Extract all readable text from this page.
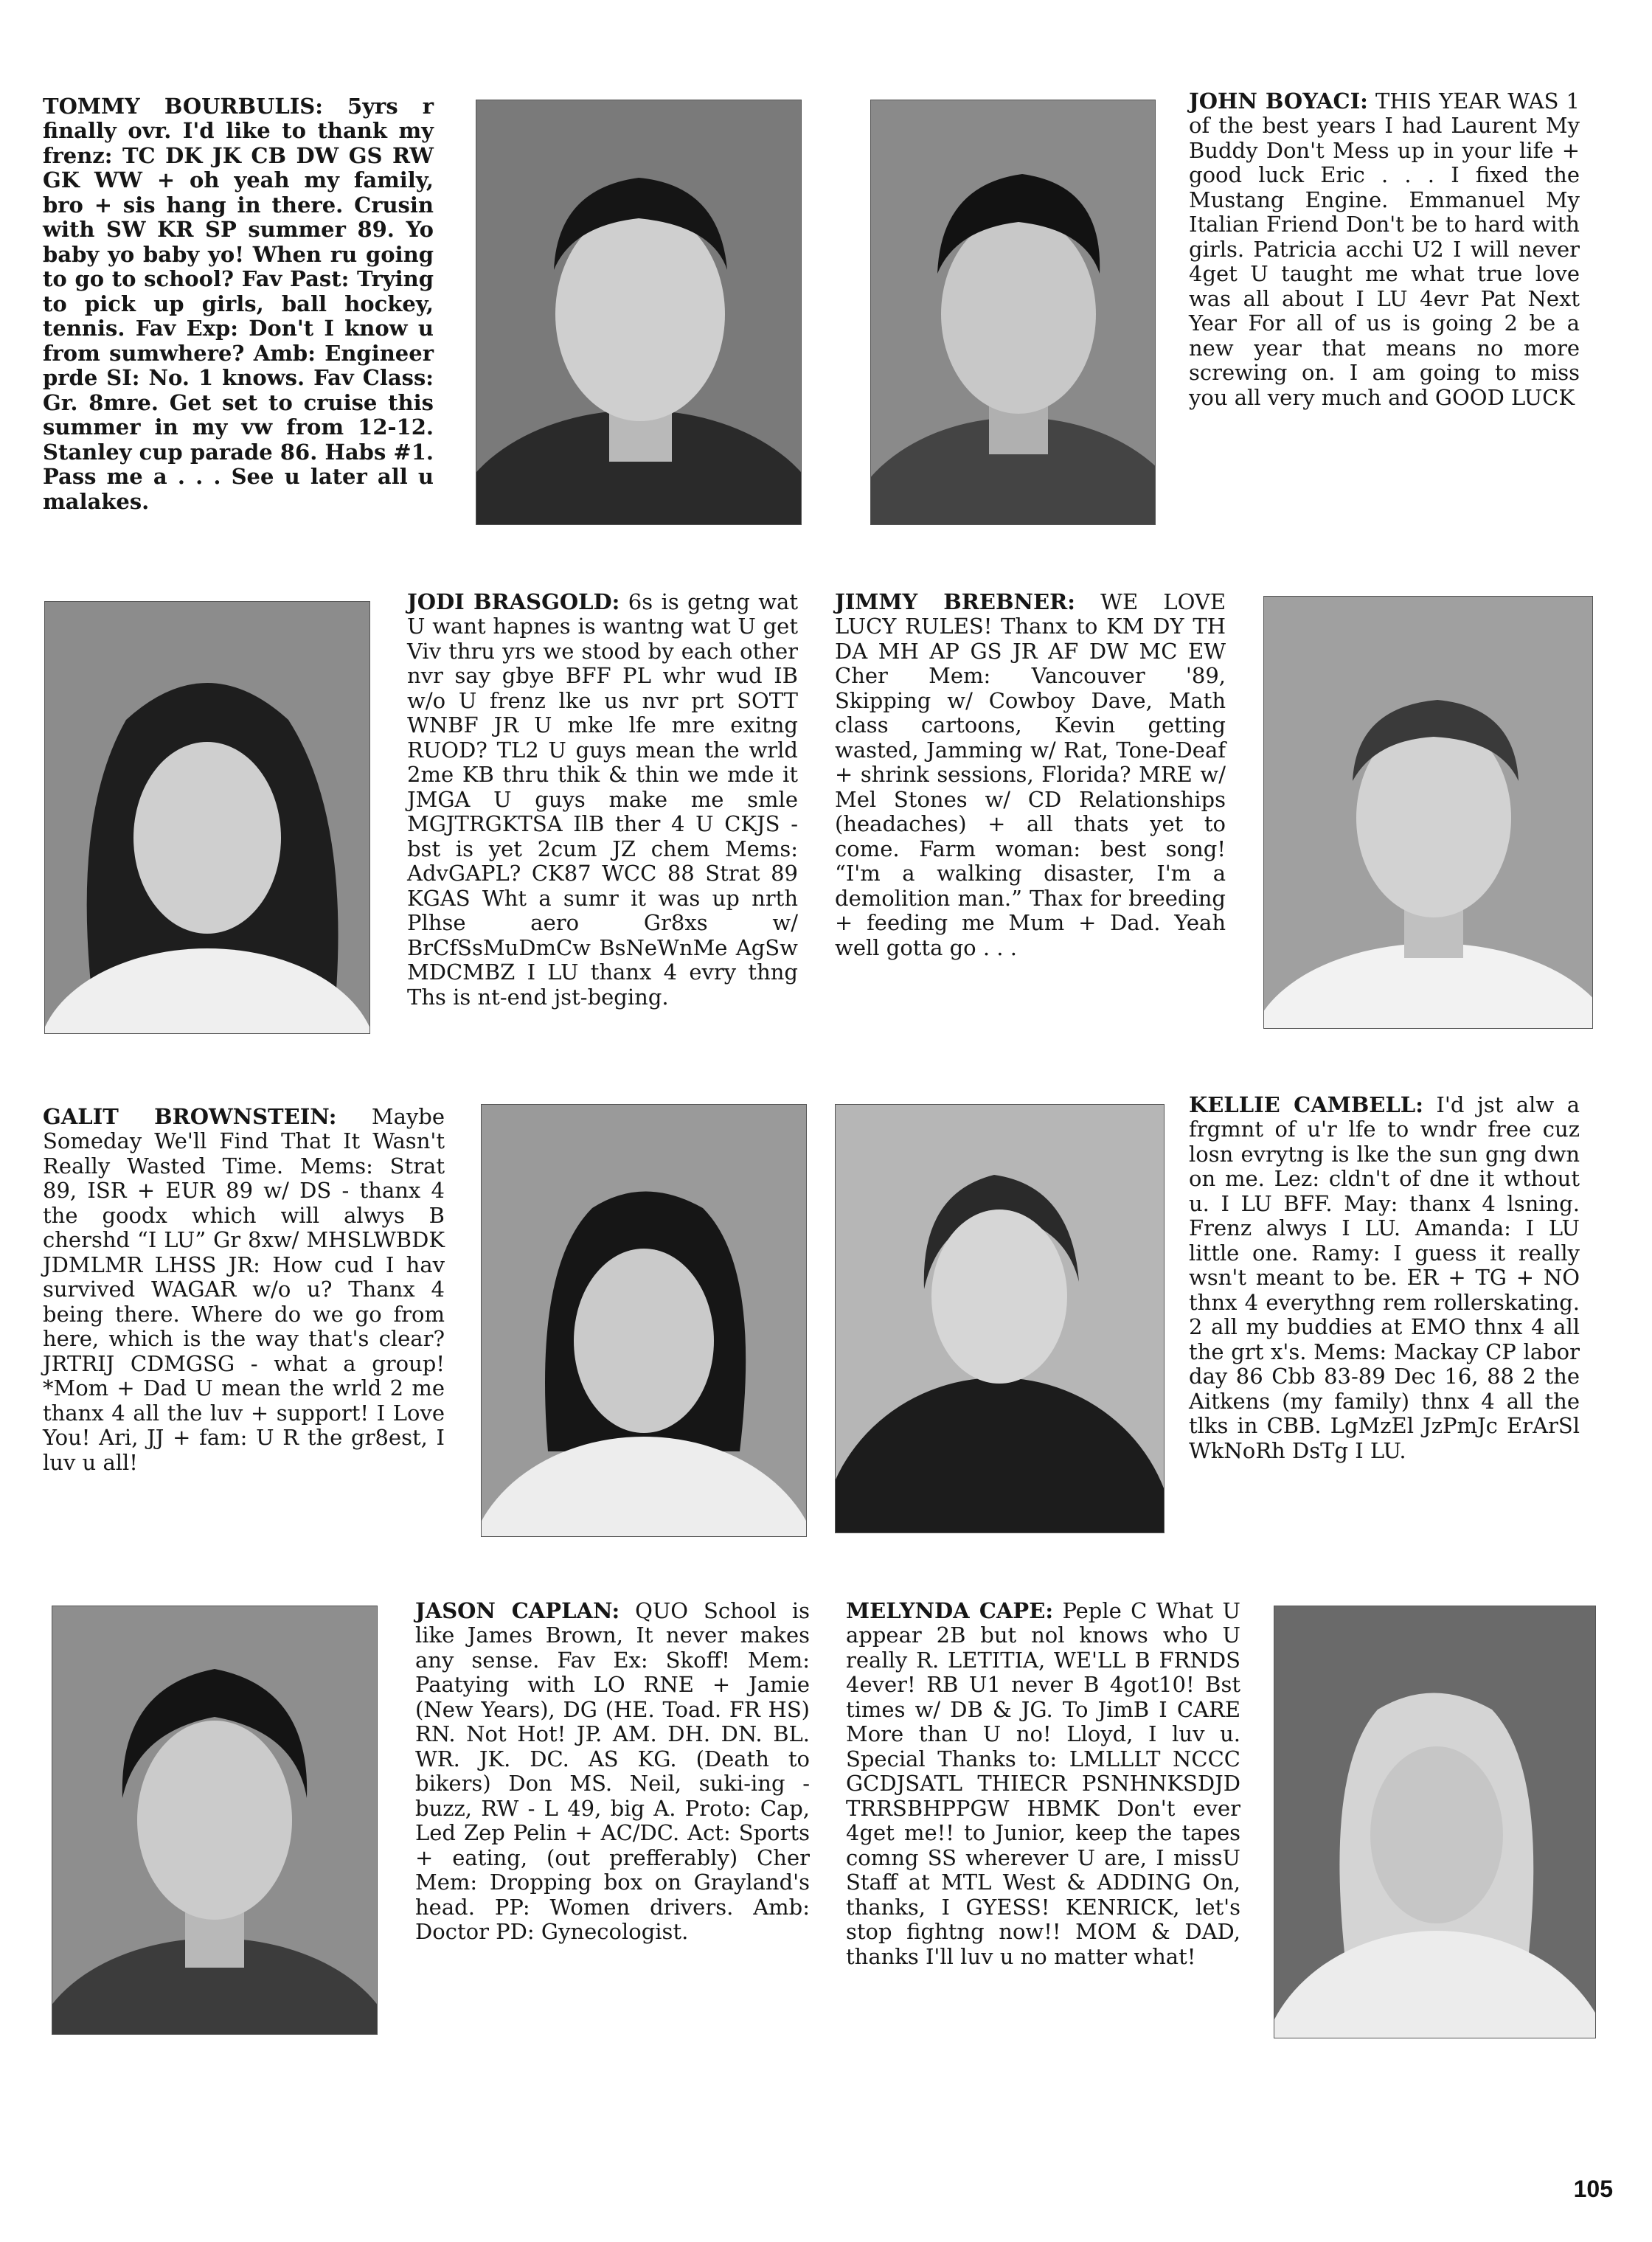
TOMMY BOURBULIS: 5yrs r finally ovr. I'd like to thank my frenz: TC DK JK CB DW GS RW GK WW + oh yeah my family, bro + sis hang in there. Crusin with SW KR SP summer 89. Yo baby yo baby yo! When ru going to go to school? Fav Past: Trying to pick up girls, ball hockey, tennis. Fav Exp: Don't I know u from sumwhere? Amb: Engineer prde SI: No. 1 knows. Fav Class: Gr. 8mre. Get set to cruise this summer in my vw from 12-12. Stanley cup parade 86. Habs #1. Pass me a . . . See u later all u malakes.

JOHN BOYACI: THIS YEAR WAS 1 of the best years I had Laurent My Buddy Don't Mess up in your life + good luck Eric . . . I fixed the Mustang Engine. Emmanuel My Italian Friend Don't be to hard with girls. Patricia acchi U2 I will never 4get U taught me what true love was all about I LU 4evr Pat Next Year For all of us is going 2 be a new year that means no more screwing on. I am going to miss you all very much and GOOD LUCK

JODI BRASGOLD: 6s is getng wat U want hapnes is wantng wat U get Viv thru yrs we stood by each other nvr say gbye BFF PL whr wud IB w/o U frenz lke us nvr prt SOTT WNBF JR U mke lfe mre exitng RUOD? TL2 U guys mean the wrld 2me KB thru thik & thin we mde it JMGA U guys make me smle MGJTRGKTSA IlB ther 4 U CKJS - bst is yet 2cum JZ chem Mems: AdvGAPL? CK87 WCC 88 Strat 89 KGAS Wht a sumr it was up nrth Plhse aero Gr8xs w/ BrCfSsMuDmCw BsNeWnMe AgSw MDCMBZ I LU thanx 4 evry thng Ths is nt-end jst-beging.

JIMMY BREBNER: WE LOVE LUCY RULES! Thanx to KM DY TH DA MH AP GS JR AF DW MC EW Cher Mem: Vancouver '89, Skipping w/ Cowboy Dave, Math class cartoons, Kevin getting wasted, Jamming w/ Rat, Tone-Deaf + shrink sessions, Florida? MRE w/ Mel Stones w/ CD Relationships (headaches) + all thats yet to come. Farm woman: best song! “I'm a walking disaster, I'm a demolition man.” Thax for breeding + feeding me Mum + Dad. Yeah well gotta go . . .

GALIT BROWNSTEIN: Maybe Someday We'll Find That It Wasn't Really Wasted Time. Mems: Strat 89, ISR + EUR 89 w/ DS - thanx 4 the goodx which will alwys B chershd “I LU” Gr 8xw/ MHSLWBDK JDMLMR LHSS JR: How cud I hav survived WAGAR w/o u? Thanx 4 being there. Where do we go from here, which is the way that's clear? JRTRIJ CDMGSG - what a group! *Mom + Dad U mean the wrld 2 me thanx 4 all the luv + support! I Love You! Ari, JJ + fam: U R the gr8est, I luv u all!

KELLIE CAMBELL: I'd jst alw a frgmnt of u'r lfe to wndr free cuz losn evrytng is lke the sun gng dwn on me. Lez: cldn't of dne it wthout u. I LU BFF. May: thanx 4 lsning. Frenz alwys I LU. Amanda: I LU little one. Ramy: I guess it really wsn't meant to be. ER + TG + NO thnx 4 everythng rem rollerskating. 2 all my buddies at EMO thnx 4 all the grt x's. Mems: Mackay CP labor day 86 Cbb 83-89 Dec 16, 88 2 the Aitkens (my family) thnx 4 all the tlks in CBB. LgMzEl JzPmJc ErArSl WkNoRh DsTg I LU.

JASON CAPLAN: QUO School is like James Brown, It never makes any sense. Fav Ex: Skoff! Mem: Paatying with LO RNE + Jamie (New Years), DG (HE. Toad. FR HS) RN. Not Hot! JP. AM. DH. DN. BL. WR. JK. DC. AS KG. (Death to bikers) Don MS. Neil, suki-ing - buzz, RW - L 49, big A. Proto: Cap, Led Zep Pelin + AC/DC. Act: Sports + eating, (out prefferably) Cher Mem: Dropping box on Grayland's head. PP: Women drivers. Amb: Doctor PD: Gynecologist.

MELYNDA CAPE: Peple C What U appear 2B but nol knows who U really R. LETITIA, WE'LL B FRNDS 4ever! RB U1 never B 4got10! Bst times w/ DB & JG. To JimB I CARE More than U no! Lloyd, I luv u. Special Thanks to: LMLLLT NCCC GCDJSATL THIECR PSNHNKSDJD TRRSBHPPGW HBMK Don't ever 4get me!! to Junior, keep the tapes comng SS wherever U are, I missU Staff at MTL West & ADDING On, thanks, I GYESS! KENRICK, let's stop fightng now!! MOM & DAD, thanks I'll luv u no matter what!

105
